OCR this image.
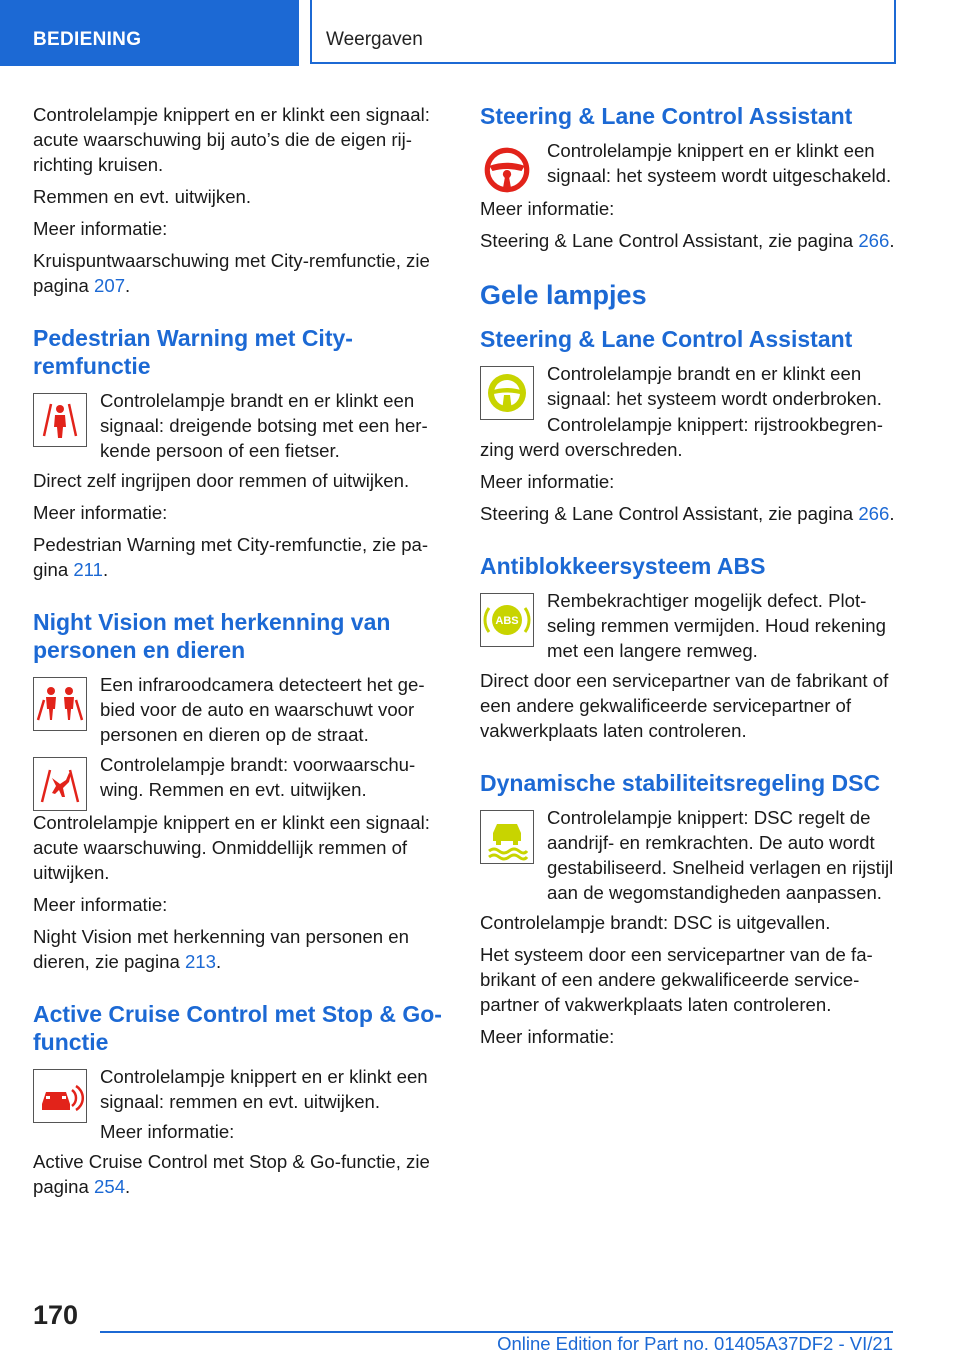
BEDIENING	Weergaven

Controlelampje knippert en er klinkt een signaal: acute waarschuwing bij auto’s die de eigen rijrichting kruisen.

Remmen en evt. uitwijken.

Meer informatie:

Kruispuntwaarschuwing met City-remfunctie, zie pagina 207.

Pedestrian Warning met City-remfunctie

Controlelampje brandt en er klinkt een signaal: dreigende botsing met een herkende persoon of een fietser.

Direct zelf ingrijpen door remmen of uitwijken.

Meer informatie:

Pedestrian Warning met City-remfunctie, zie pagina 211.

Night Vision met herkenning van personen en dieren

Een infraroodcamera detecteert het gebied voor de auto en waarschuwt voor personen en dieren op de straat.

Controlelampje brandt: voorwaarschuwing. Remmen en evt. uitwijken.

Controlelampje knippert en er klinkt een signaal: acute waarschuwing. Onmiddellijk remmen of uitwijken.

Meer informatie:

Night Vision met herkenning van personen en dieren, zie pagina 213.

Active Cruise Control met Stop & Go-functie

Controlelampje knippert en er klinkt een signaal: remmen en evt. uitwijken.

Meer informatie:

Active Cruise Control met Stop & Go-functie, zie pagina 254.

Steering & Lane Control Assistant

Controlelampje knippert en er klinkt een signaal: het systeem wordt uitgeschakeld.

Meer informatie:

Steering & Lane Control Assistant, zie pagina 266.

Gele lampjes
Steering & Lane Control Assistant

Controlelampje brandt en er klinkt een signaal: het systeem wordt onderbroken.

Controlelampje knippert: rijstrookbegrenzing werd overschreden.

Meer informatie:

Steering & Lane Control Assistant, zie pagina 266.

Antiblokkeersysteem ABS
ABS

Rembekrachtiger mogelijk defect. Plotseling remmen vermijden. Houd rekening met een langere remweg.

Direct door een servicepartner van de fabrikant of een andere gekwalificeerde servicepartner of vakwerkplaats laten controleren.

Dynamische stabiliteitsregeling DSC

Controlelampje knippert: DSC regelt de aandrijf- en remkrachten. De auto wordt gestabiliseerd. Snelheid verlagen en rijstijl aan de wegomstandigheden aanpassen.

Controlelampje brandt: DSC is uitgevallen.

Het systeem door een servicepartner van de fabrikant of een andere gekwalificeerde servicepartner of vakwerkplaats laten controleren.

Meer informatie:

170
Online Edition for Part no. 01405A37DF2 - VI/21
